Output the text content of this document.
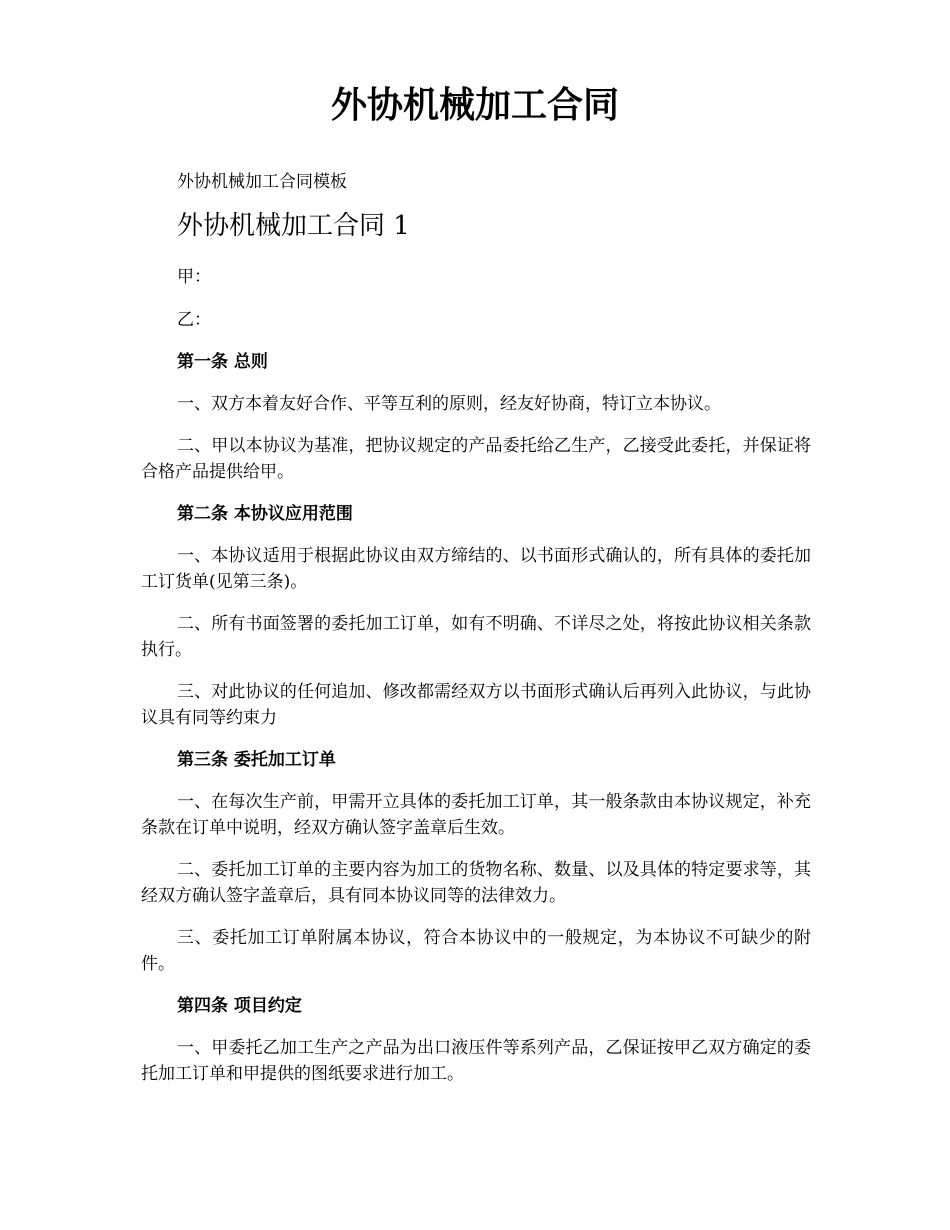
外协机械加工合同

外协机械加工合同模板

外协机械加工合同 1

甲：

乙：

第一条 总则

一、双方本着友好合作、平等互利的原则，经友好协商，特订立本协议。

二、甲以本协议为基准，把协议规定的产品委托给乙生产，乙接受此委托，并保证将合格产品提供给甲。

第二条 本协议应用范围

一、本协议适用于根据此协议由双方缔结的、以书面形式确认的，所有具体的委托加工订货单(见第三条)。

二、所有书面签署的委托加工订单，如有不明确、不详尽之处，将按此协议相关条款执行。

三、对此协议的任何追加、修改都需经双方以书面形式确认后再列入此协议，与此协议具有同等约束力

第三条 委托加工订单

一、在每次生产前，甲需开立具体的委托加工订单，其一般条款由本协议规定，补充条款在订单中说明，经双方确认签字盖章后生效。

二、委托加工订单的主要内容为加工的货物名称、数量、以及具体的特定要求等，其经双方确认签字盖章后，具有同本协议同等的法律效力。

三、委托加工订单附属本协议，符合本协议中的一般规定，为本协议不可缺少的附件。

第四条 项目约定

一、甲委托乙加工生产之产品为出口液压件等系列产品，乙保证按甲乙双方确定的委托加工订单和甲提供的图纸要求进行加工。
